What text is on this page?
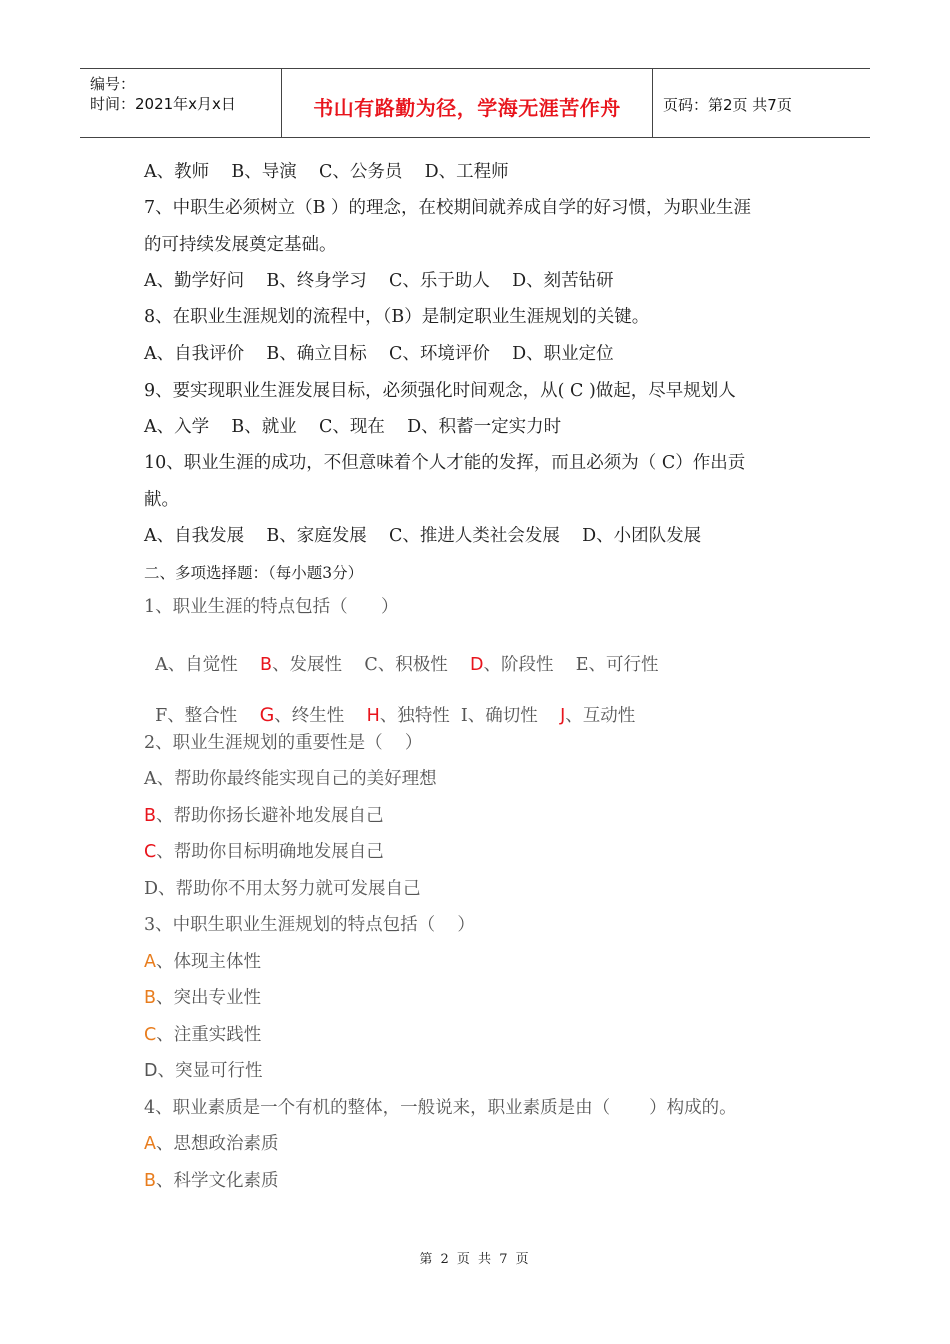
编号：
时间：2021年x月x日	书山有路勤为径，学海无涯苦作舟	页码：第2页 共7页
A、教师    B、导演    C、公务员    D、工程师
7、中职生必须树立（B ）的理念，在校期间就养成自学的好习惯，为职业生涯
的可持续发展奠定基础。
A、勤学好问    B、终身学习    C、乐于助人    D、刻苦钻研
8、在职业生涯规划的流程中，（B）是制定职业生涯规划的关键。
A、自我评价    B、确立目标    C、环境评价    D、职业定位
9、要实现职业生涯发展目标，必须强化时间观念，从( C )做起，尽早规划人
A、入学    B、就业    C、现在    D、积蓄一定实力时
10、职业生涯的成功，不但意味着个人才能的发挥，而且必须为（ C）作出贡
献。
A、自我发展    B、家庭发展    C、推进人类社会发展    D、小团队发展
二、多项选择题：（每小题3分）
1、职业生涯的特点包括（      ）

A、自觉性 B、发展性 C、积极性 D、阶段性 E、可行性

F、整合性 G、终生性 H、独特性 I、确切性 J、互动性

2、职业生涯规划的重要性是（    ）
A、帮助你最终能实现自己的美好理想
B、帮助你扬长避补地发展自己
C、帮助你目标明确地发展自己
D、帮助你不用太努力就可发展自己
3、中职生职业生涯规划的特点包括（    ）
A、体现主体性
B、突出专业性
C、注重实践性
D、突显可行性
4、职业素质是一个有机的整体，一般说来，职业素质是由（       ）构成的。
A、思想政治素质
B、科学文化素质
第 2 页 共 7 页
